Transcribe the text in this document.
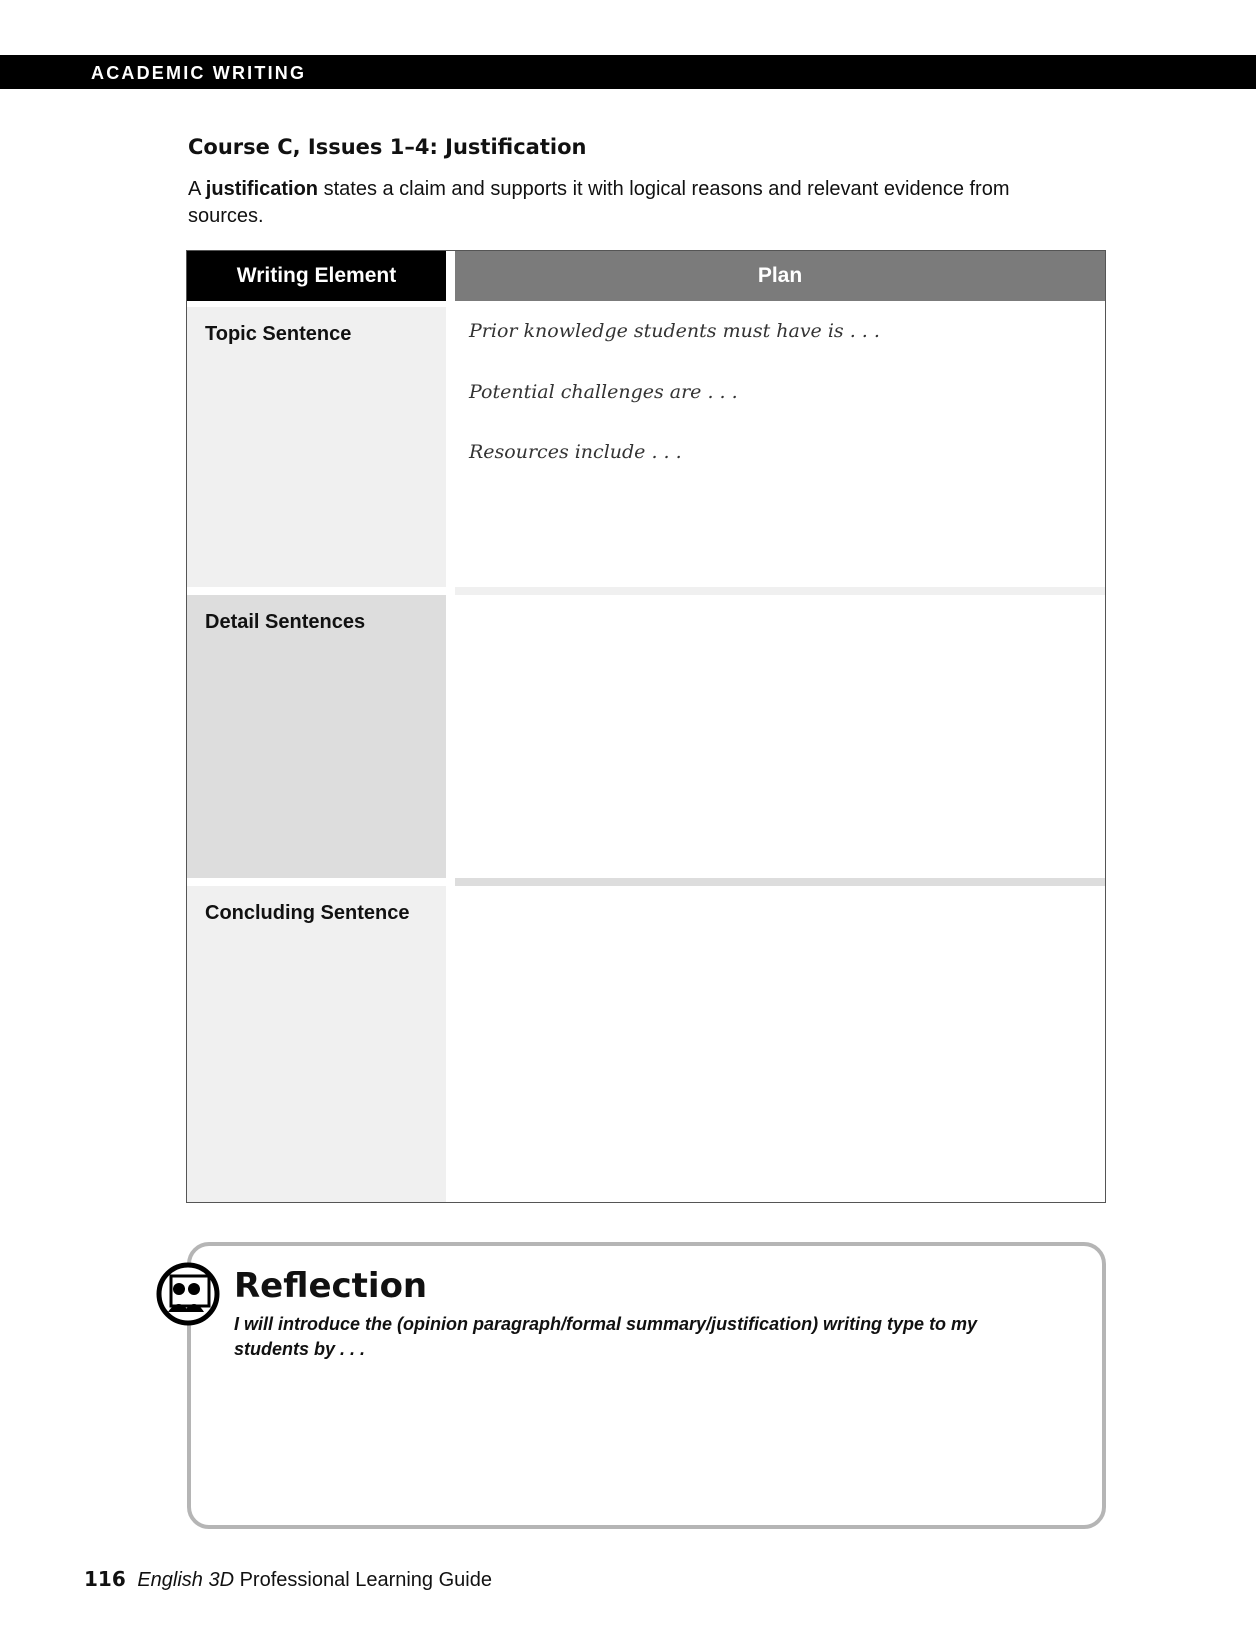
ACADEMIC WRITING
Course C, Issues 1–4: Justification
A justification states a claim and supports it with logical reasons and relevant evidence from sources.
Writing Element	Plan
Topic Sentence	Prior knowledge students must have is . . .
Potential challenges are . . .
Resources include . . .
Detail Sentences
Concluding Sentence
Reflection
I will introduce the (opinion paragraph/formal summary/justification) writing type to my students by . . .
116 English 3D Professional Learning Guide
